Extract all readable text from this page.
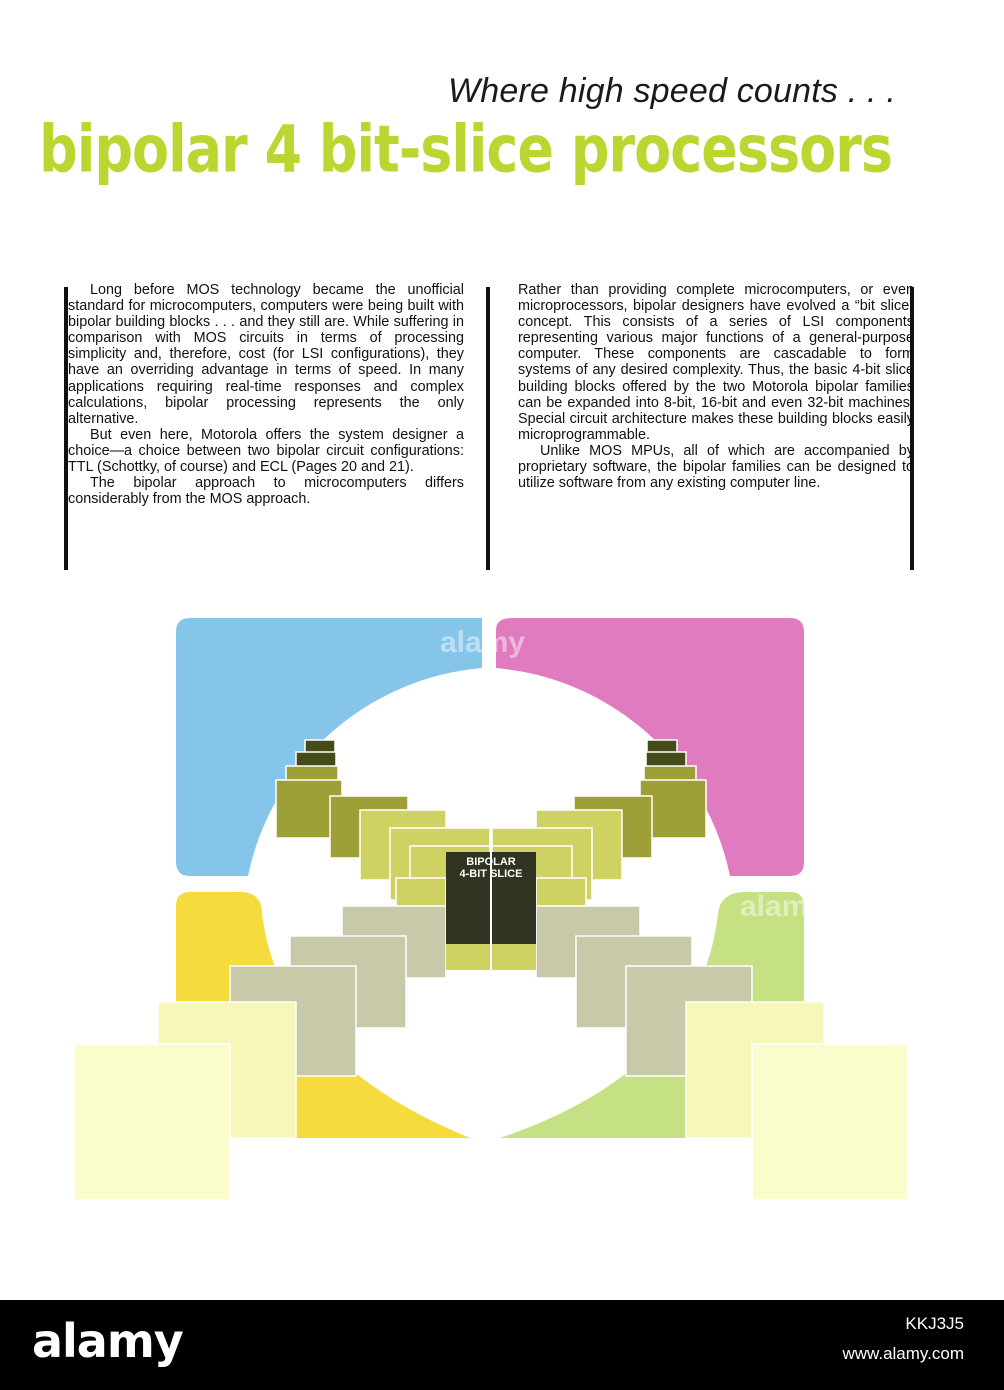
Where high speed counts . . .
bipolar 4 bit-slice processors

Long before MOS technology became the unofficial standard for microcomputers, computers were being built with bipolar building blocks . . . and they still are. While suffering in comparison with MOS circuits in terms of processing simplicity and, therefore, cost (for LSI configurations), they have an overriding advantage in terms of speed. In many applications requiring real-time responses and complex calculations, bipolar processing represents the only alternative.

But even here, Motorola offers the system designer a choice—a choice between two bipolar circuit configurations: TTL (Schottky, of course) and ECL (Pages 20 and 21).

The bipolar approach to microcomputers differs considerably from the MOS approach.

Rather than providing complete microcomputers, or even microprocessors, bipolar designers have evolved a “bit slice” concept. This consists of a series of LSI components representing various major functions of a general-purpose computer. These components are cascadable to form systems of any desired complexity. Thus, the basic 4-bit slice building blocks offered by the two Motorola bipolar families can be expanded into 8-bit, 16-bit and even 32-bit machines. Special circuit architecture makes these building blocks easily microprogrammable.

Unlike MOS MPUs, all of which are accompanied by proprietary software, the bipolar families can be designed to utilize software from any existing computer line.

BIPOLAR
4-BIT SLICE
alamy
alamy
alamy	KKJ3J5
www.alamy.com
